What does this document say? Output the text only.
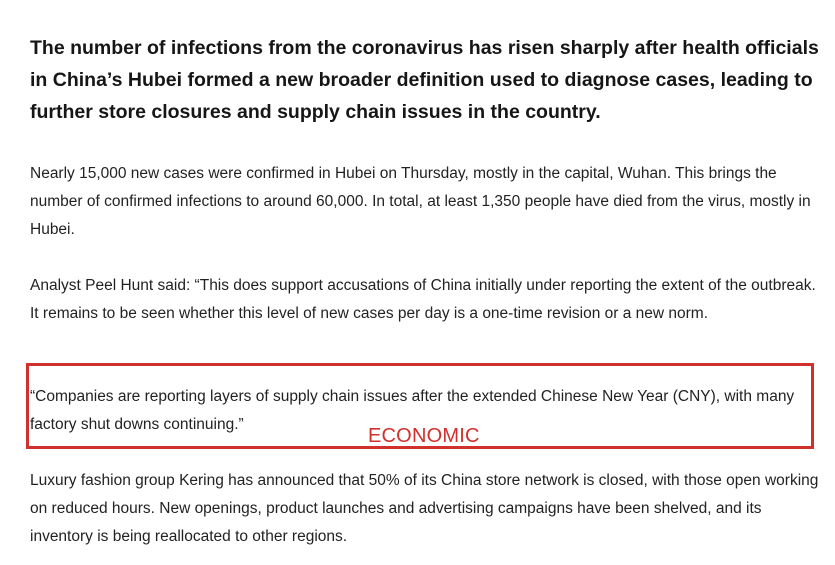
The number of infections from the coronavirus has risen sharply after health officials in China’s Hubei formed a new broader definition used to diagnose cases, leading to further store closures and supply chain issues in the country.

Nearly 15,000 new cases were confirmed in Hubei on Thursday, mostly in the capital, Wuhan. This brings the number of confirmed infections to around 60,000. In total, at least 1,350 people have died from the virus, mostly in Hubei.

Analyst Peel Hunt said: “This does support accusations of China initially under reporting the extent of the outbreak. It remains to be seen whether this level of new cases per day is a one-time revision or a new norm.

“Companies are reporting layers of supply chain issues after the extended Chinese New Year (CNY), with many factory shut downs continuing.”

ECONOMIC

Luxury fashion group Kering has announced that 50% of its China store network is closed, with those open working on reduced hours. New openings, product launches and advertising campaigns have been shelved, and its inventory is being reallocated to other regions.
